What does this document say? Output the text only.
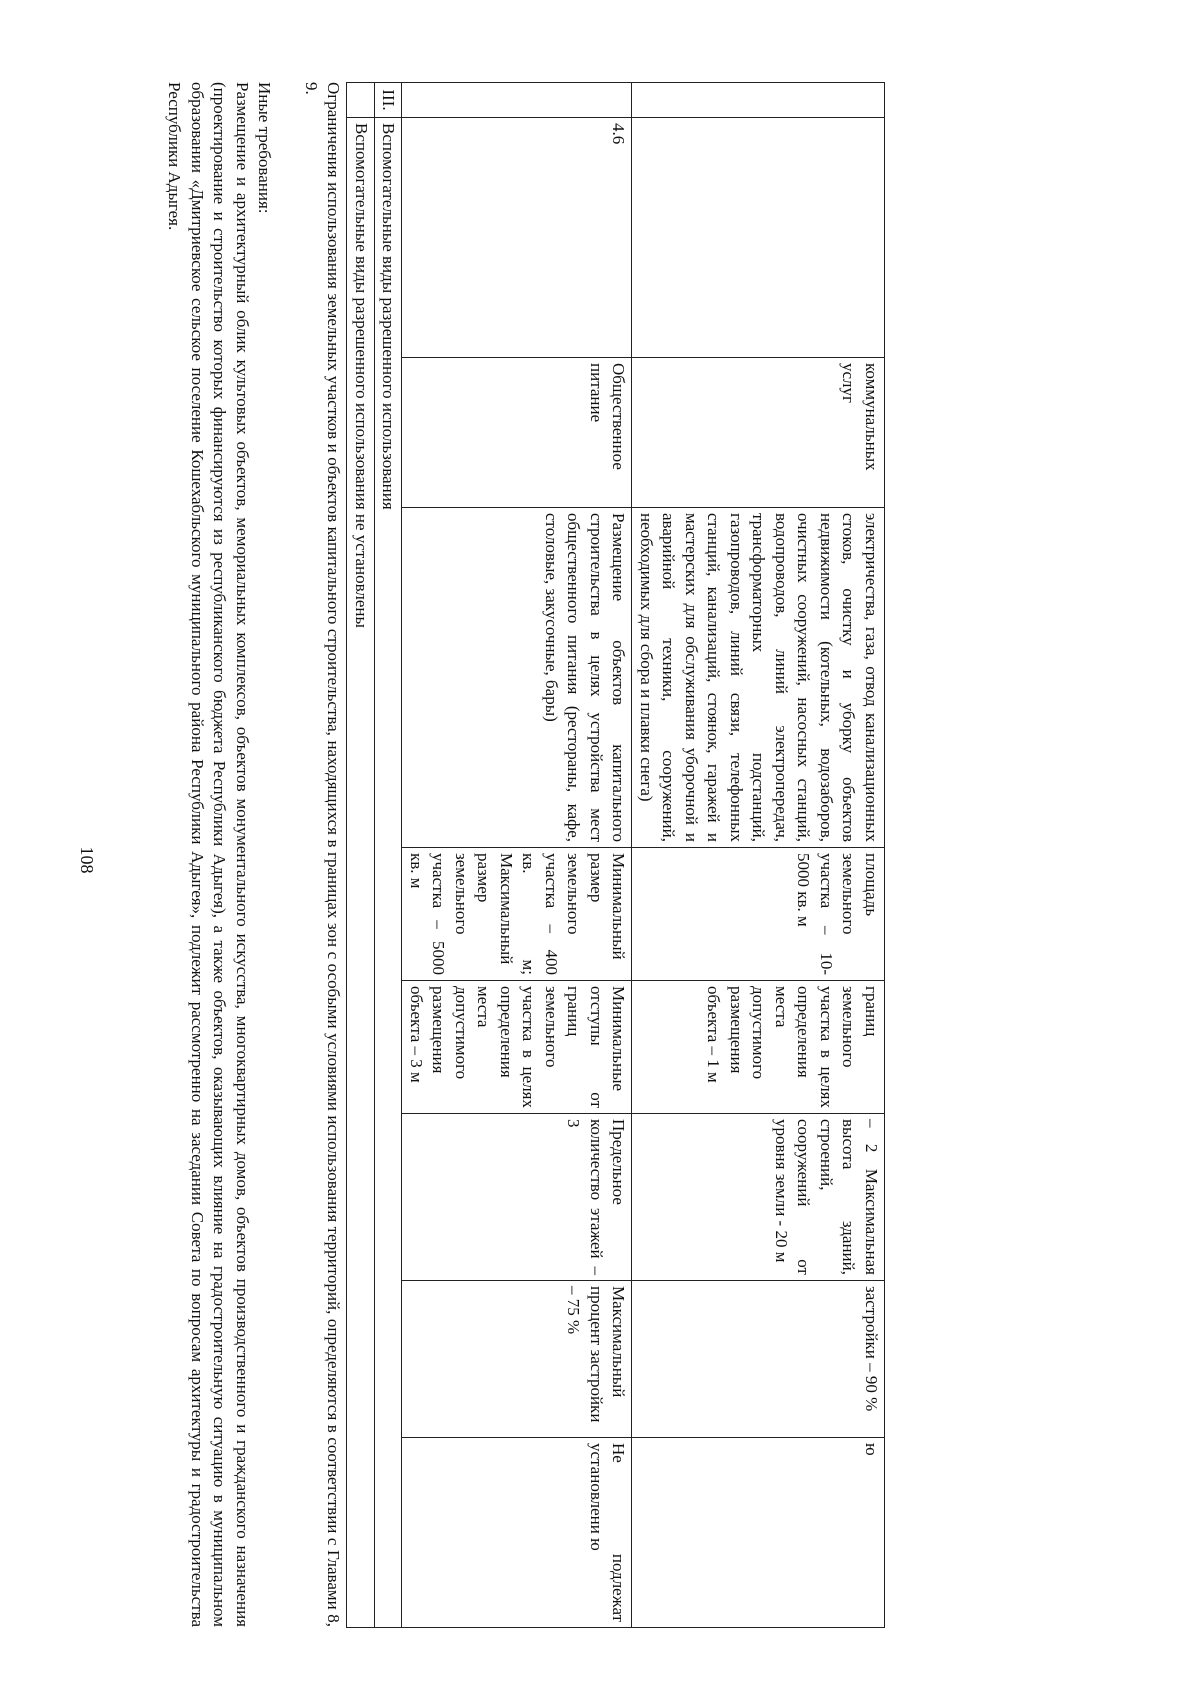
108
		коммунальных услуг	электричества, газа, отвод канализационных стоков, очистку и уборку объектов недвижимости (котельных, водозаборов, очистных сооружений, насосных станций, водопроводов, линий электропередач, трансформаторных подстанций, газопроводов, линий связи, телефонных станций, канализаций, стоянок, гаражей и мастерских для обслуживания уборочной и аварийной техники, сооружений, необходимых для сбора и плавки снега)	площадь земельного участка – 10-5000 кв. м	границ земельного участка в целях определения места допустимого размещения объекта – 1 м	– 2 Максимальная высота зданий, строений, сооружений от уровня земли - 20 м	застройки – 90 %	ю
	4.6	Общественное питание	Размещение объектов капитального строительства в целях устройства мест общественного питания (рестораны, кафе, столовые, закусочные, бары)	Минимальный размер земельного участка – 400 кв. м; Максимальный размер земельного участка – 5000 кв. м	Минимальные отступы от границ земельного участка в целях определения места допустимого размещения объекта – 3 м	Предельное количество этажей – 3	Максимальный процент застройки – 75 %	Не подлежат установлени ю
III.	Вспомогательные виды разрешенного использования							
	Вспомогательные виды разрешенного использования не установлены							

Ограничения использования земельных участков и объектов капитального строительства, находящихся в границах зон с особыми условиями использования территорий, определяются в соответствии с Главами 8, 9.

Иные требования:

Размещение и архитектурный облик культовых объектов, мемориальных комплексов, объектов монументального искусства, многоквартирных домов, объектов производственного и гражданского назначения (проектирование и строительство которых финансируются из республиканского бюджета Республики Адыгея), а также объектов, оказывающих влияние на градостроительную ситуацию в муниципальном образовании «Дмитриевское сельское поселение Кошехабльского муниципального района Республики Адыгея», подлежит рассмотренно на заседании Совета по вопросам архитектуры и градостроительства Республики Адыгея.
